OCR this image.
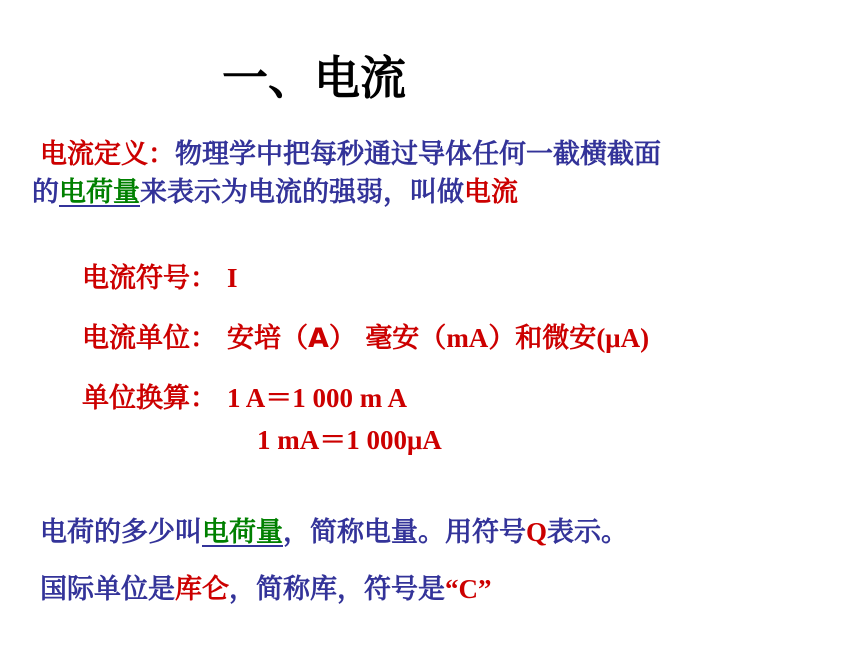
一、电流
电流定义：物理学中把每秒通过导体任何一截横截面
的电荷量来表示为电流的强弱，叫做电流
电流符号： I
电流单位： 安培（A） 毫安（mA）和微安(μA)
单位换算： 1 A＝1 000 m A
1 mA＝1 000μA
电荷的多少叫电荷量，简称电量。用符号Q表示。
国际单位是库仑，简称库，符号是“C”
